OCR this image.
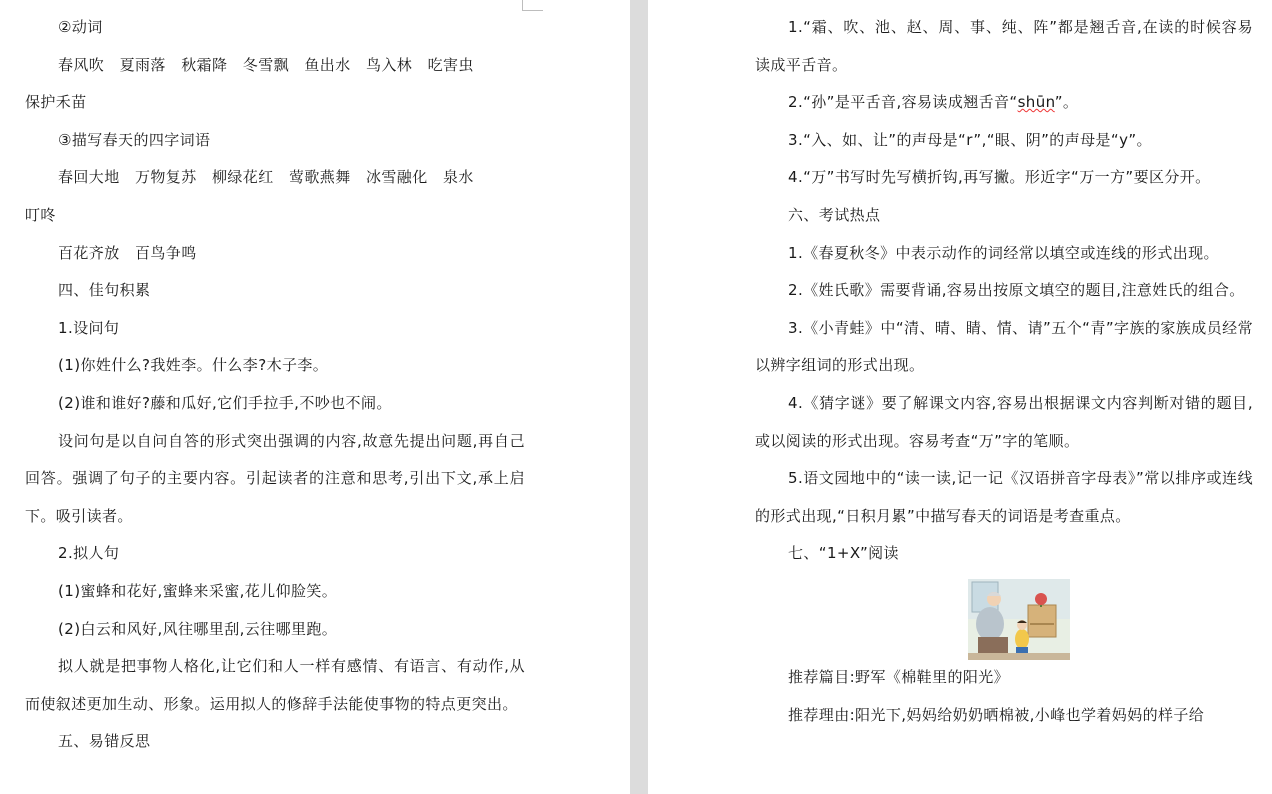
②动词

春风吹　夏雨落　秋霜降　冬雪飘　鱼出水　鸟入林　吃害虫

保护禾苗

③描写春天的四字词语

春回大地　万物复苏　柳绿花红　莺歌燕舞　冰雪融化　泉水

叮咚

百花齐放　百鸟争鸣

四、佳句积累

1.设问句

(1)你姓什么?我姓李。什么李?木子李。

(2)谁和谁好?藤和瓜好,它们手拉手,不吵也不闹。

设问句是以自问自答的形式突出强调的内容,故意先提出问题,再自己回答。强调了句子的主要内容。引起读者的注意和思考,引出下文,承上启下。吸引读者。

2.拟人句

(1)蜜蜂和花好,蜜蜂来采蜜,花儿仰脸笑。

(2)白云和风好,风往哪里刮,云往哪里跑。

拟人就是把事物人格化,让它们和人一样有感情、有语言、有动作,从而使叙述更加生动、形象。运用拟人的修辞手法能使事物的特点更突出。

五、易错反思

1.“霜、吹、池、赵、周、事、纯、阵”都是翘舌音,在读的时候容易读成平舌音。

2.“孙”是平舌音,容易读成翘舌音“shūn”。

3.“入、如、让”的声母是“r”,“眼、阴”的声母是“y”。

4.“万”书写时先写横折钩,再写撇。形近字“万一方”要区分开。

六、考试热点

1.《春夏秋冬》中表示动作的词经常以填空或连线的形式出现。

2.《姓氏歌》需要背诵,容易出按原文填空的题目,注意姓氏的组合。

3.《小青蛙》中“清、晴、睛、情、请”五个“青”字族的家族成员经常以辨字组词的形式出现。

4.《猜字谜》要了解课文内容,容易出根据课文内容判断对错的题目,或以阅读的形式出现。容易考查“万”字的笔顺。

5.语文园地中的“读一读,记一记《汉语拼音字母表》”常以排序或连线的形式出现,“日积月累”中描写春天的词语是考查重点。

七、“1+X”阅读

推荐篇目:野军《棉鞋里的阳光》

推荐理由:阳光下,妈妈给奶奶晒棉被,小峰也学着妈妈的样子给
